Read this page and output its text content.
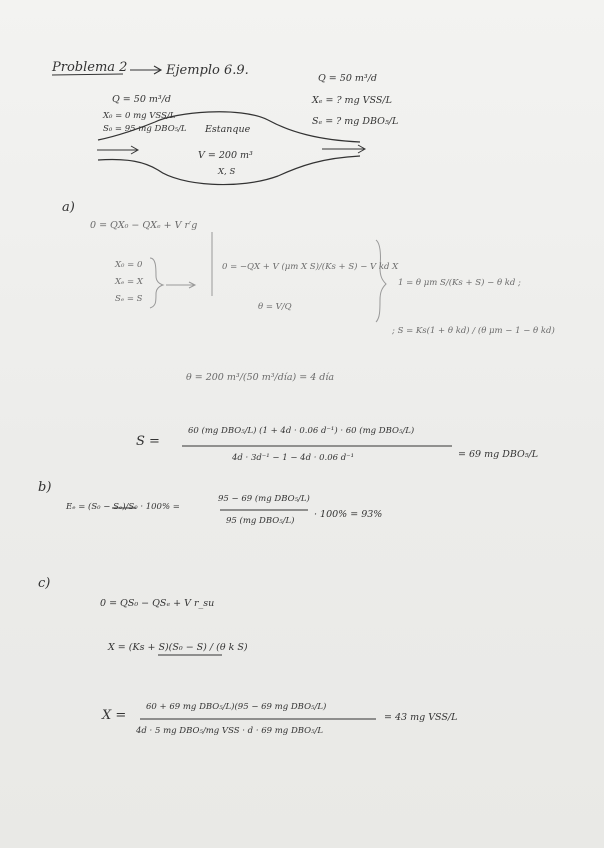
Problema 2	Ejemplo 6.9.
Q = 50 m³/d
X₀ = 0 mg VSS/L
S₀ = 95 mg DBO₅/L Estanque
V = 200 m³
X, S
Q = 50 m³/d
Xₑ = ? mg VSS/L
Sₑ = ? mg DBO₅/L
a)
0 = QX₀ − QXₑ + V r′g
X₀ = 0
Xₑ = X
Sₑ = S
0 = −QX + V (μm X S)/(Ks + S) − V kd X
θ = V/Q
1 = θ μm S/(Ks + S) − θ kd ;
; S = Ks(1 + θ kd) / (θ μm − 1 − θ kd)
θ = 200 m³/(50 m³/día) = 4 día
S =
60 (mg DBO₅/L) (1 + 4d · 0.06 d⁻¹) · 60 (mg DBO₅/L)
4d · 3d⁻¹ − 1 − 4d · 0.06 d⁻¹	= 69 mg DBO₅/L
b)
Eₑ = (S₀ − Sₑ)/S₀ · 100% =
95 − 69 (mg DBO₅/L)
95 (mg DBO₅/L)
· 100% = 93%
c)
0 = QS₀ − QSₑ + V r_su
X = (Ks + S)(S₀ − S) / (θ k S)
X =
60 + 69 mg DBO₅/L)(95 − 69 mg DBO₅/L)
4d · 5 mg DBO₅/mg VSS · d · 69 mg DBO₅/L
= 43 mg VSS/L
